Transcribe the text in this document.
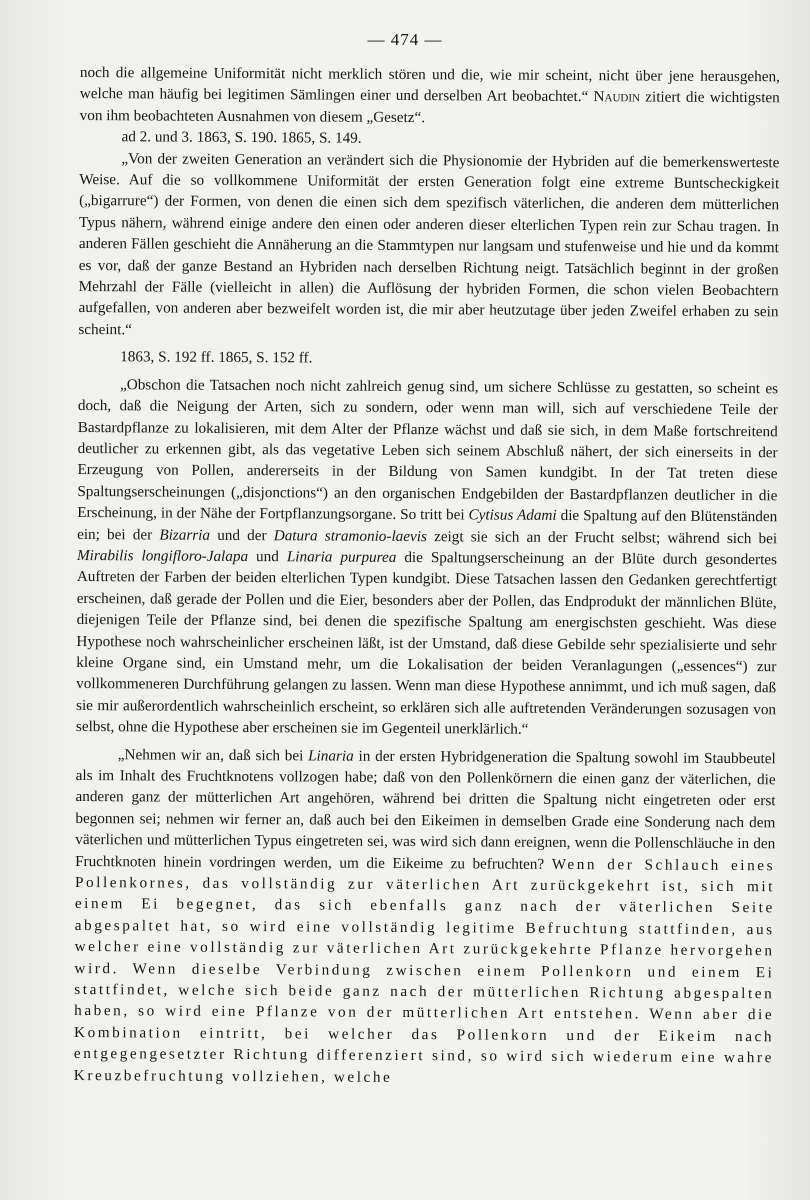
— 474 —

noch die allgemeine Uniformität nicht merklich stören und die, wie mir scheint, nicht über jene herausgehen, welche man häufig bei legitimen Sämlingen einer und derselben Art beobachtet.“ Naudin zitiert die wichtigsten von ihm beobachteten Ausnahmen von diesem „Gesetz“.

ad 2. und 3. 1863, S. 190. 1865, S. 149.

„Von der zweiten Generation an verändert sich die Physionomie der Hybriden auf die bemerkenswerteste Weise. Auf die so vollkommene Uniformität der ersten Generation folgt eine extreme Buntscheckigkeit („bigarrure“) der Formen, von denen die einen sich dem spezifisch väterlichen, die anderen dem mütterlichen Typus nähern, während einige andere den einen oder anderen dieser elterlichen Typen rein zur Schau tragen. In anderen Fällen geschieht die Annäherung an die Stammtypen nur langsam und stufenweise und hie und da kommt es vor, daß der ganze Bestand an Hybriden nach derselben Richtung neigt. Tatsächlich beginnt in der großen Mehrzahl der Fälle (vielleicht in allen) die Auflösung der hybriden Formen, die schon vielen Beobachtern aufgefallen, von anderen aber bezweifelt worden ist, die mir aber heutzutage über jeden Zweifel erhaben zu sein scheint.“

1863, S. 192 ff. 1865, S. 152 ff.

„Obschon die Tatsachen noch nicht zahlreich genug sind, um sichere Schlüsse zu gestatten, so scheint es doch, daß die Neigung der Arten, sich zu sondern, oder wenn man will, sich auf verschiedene Teile der Bastardpflanze zu lokalisieren, mit dem Alter der Pflanze wächst und daß sie sich, in dem Maße fortschreitend deutlicher zu erkennen gibt, als das vegetative Leben sich seinem Abschluß nähert, der sich einerseits in der Erzeugung von Pollen, andererseits in der Bildung von Samen kundgibt. In der Tat treten diese Spaltungserscheinungen („disjonctions“) an den organischen Endgebilden der Bastardpflanzen deutlicher in die Erscheinung, in der Nähe der Fortpflanzungsorgane. So tritt bei Cytisus Adami die Spaltung auf den Blütenständen ein; bei der Bizarria und der Datura stramonio-laevis zeigt sie sich an der Frucht selbst; während sich bei Mirabilis longifloro-Jalapa und Linaria purpurea die Spaltungserscheinung an der Blüte durch gesondertes Auftreten der Farben der beiden elterlichen Typen kundgibt. Diese Tatsachen lassen den Gedanken gerechtfertigt erscheinen, daß gerade der Pollen und die Eier, besonders aber der Pollen, das Endprodukt der männlichen Blüte, diejenigen Teile der Pflanze sind, bei denen die spezifische Spaltung am energischsten geschieht. Was diese Hypothese noch wahrscheinlicher erscheinen läßt, ist der Umstand, daß diese Gebilde sehr spezialisierte und sehr kleine Organe sind, ein Umstand mehr, um die Lokalisation der beiden Veranlagungen („essences“) zur vollkommeneren Durchführung gelangen zu lassen. Wenn man diese Hypothese annimmt, und ich muß sagen, daß sie mir außerordentlich wahrscheinlich erscheint, so erklären sich alle auftretenden Veränderungen sozusagen von selbst, ohne die Hypothese aber erscheinen sie im Gegenteil unerklärlich.“

„Nehmen wir an, daß sich bei Linaria in der ersten Hybridgeneration die Spaltung sowohl im Staubbeutel als im Inhalt des Fruchtknotens vollzogen habe; daß von den Pollenkörnern die einen ganz der väterlichen, die anderen ganz der mütterlichen Art angehören, während bei dritten die Spaltung nicht eingetreten oder erst begonnen sei; nehmen wir ferner an, daß auch bei den Eikeimen in demselben Grade eine Sonderung nach dem väterlichen und mütterlichen Typus eingetreten sei, was wird sich dann ereignen, wenn die Pollenschläuche in den Fruchtknoten hinein vordringen werden, um die Eikeime zu befruchten? Wenn der Schlauch eines Pollenkornes, das vollständig zur väterlichen Art zurückgekehrt ist, sich mit einem Ei begegnet, das sich ebenfalls ganz nach der väterlichen Seite abgespaltet hat, so wird eine vollständig legitime Befruchtung stattfinden, aus welcher eine vollständig zur väterlichen Art zurückgekehrte Pflanze hervorgehen wird. Wenn dieselbe Verbindung zwischen einem Pollenkorn und einem Ei stattfindet, welche sich beide ganz nach der mütterlichen Richtung abgespalten haben, so wird eine Pflanze von der mütterlichen Art entstehen. Wenn aber die Kombination eintritt, bei welcher das Pollenkorn und der Eikeim nach entgegengesetzter Richtung differenziert sind, so wird sich wiederum eine wahre Kreuzbefruchtung vollziehen, welche
